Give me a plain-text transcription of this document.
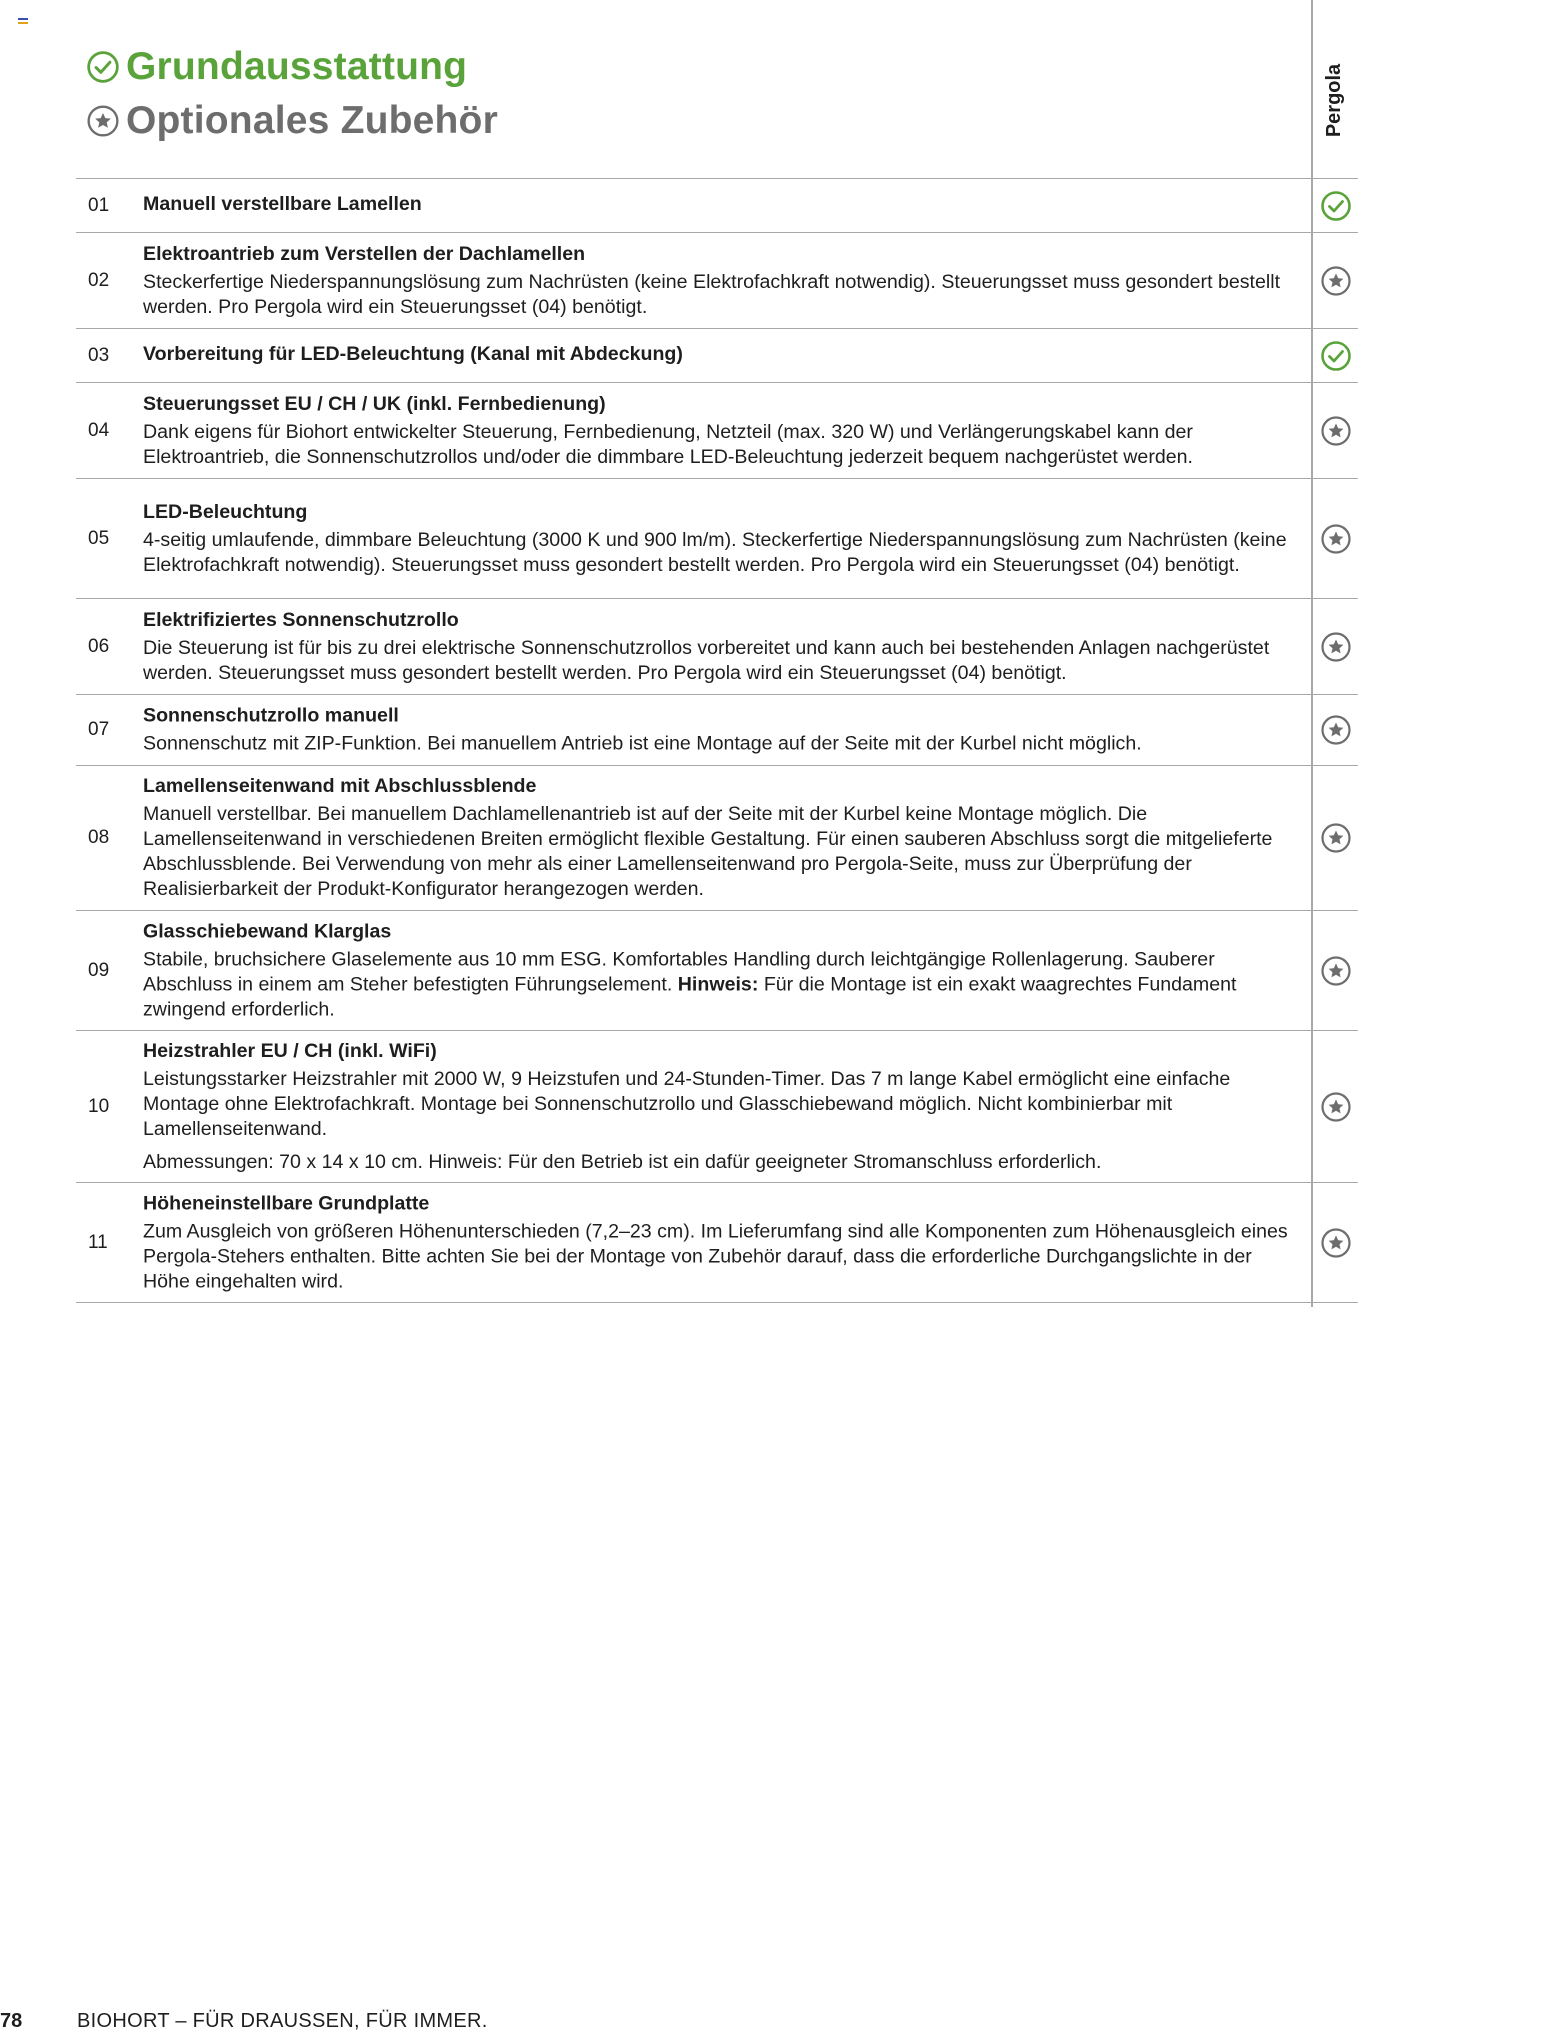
Grundausstattung
Optionales Zubehör	Pergola
01 Manuell verstellbare Lamellen
02
Elektroantrieb zum Verstellen der Dachlamellen
Steckerfertige Niederspannungslösung zum Nachrüsten (keine Elektrofachkraft notwendig). Steuerungsset muss gesondert bestellt werden. Pro Pergola wird ein Steuerungsset (04) benötigt.
03 Vorbereitung für LED-Beleuchtung (Kanal mit Abdeckung)
04
Steuerungsset EU / CH / UK (inkl. Fernbedienung)
Dank eigens für Biohort entwickelter Steuerung, Fernbedienung, Netzteil (max. 320 W) und Verlängerungskabel kann der Elektroantrieb, die Sonnenschutzrollos und/oder die dimmbare LED-Beleuchtung jederzeit bequem nachgerüstet werden.
05
LED-Beleuchtung
4-seitig umlaufende, dimmbare Beleuchtung (3000 K und 900 lm/m). Steckerfertige Niederspannungslösung zum Nachrüsten (keine Elektrofachkraft notwendig). Steuerungsset muss gesondert bestellt werden. Pro Pergola wird ein Steuerungsset (04) benötigt.
06
Elektrifiziertes Sonnenschutzrollo
Die Steuerung ist für bis zu drei elektrische Sonnenschutzrollos vorbereitet und kann auch bei bestehenden Anlagen nachgerüstet werden. Steuerungsset muss gesondert bestellt werden. Pro Pergola wird ein Steuerungsset (04) benötigt.
07
Sonnenschutzrollo manuell
Sonnenschutz mit ZIP-Funktion. Bei manuellem Antrieb ist eine Montage auf der Seite mit der Kurbel nicht möglich.
08
Lamellenseitenwand mit Abschlussblende
Manuell verstellbar. Bei manuellem Dachlamellenantrieb ist auf der Seite mit der Kurbel keine Montage möglich. Die Lamellenseitenwand in verschiedenen Breiten ermöglicht flexible Gestaltung. Für einen sauberen Abschluss sorgt die mitgelieferte Abschlussblende. Bei Verwendung von mehr als einer Lamellenseitenwand pro Pergola-Seite, muss zur Überprüfung der Realisierbarkeit der Produkt-Konfigurator herangezogen werden.
09
Glasschiebewand Klarglas
Stabile, bruchsichere Glaselemente aus 10 mm ESG. Komfortables Handling durch leichtgängige Rollenlagerung. Sauberer Abschluss in einem am Steher befestigten Führungselement. Hinweis: Für die Montage ist ein exakt waagrechtes Fundament zwingend erforderlich.
10
Heizstrahler EU / CH (inkl. WiFi)
Leistungsstarker Heizstrahler mit 2000 W, 9 Heizstufen und 24-Stunden-Timer. Das 7 m lange Kabel ermöglicht eine einfache Montage ohne Elektrofachkraft. Montage bei Sonnenschutzrollo und Glasschiebewand möglich. Nicht kombinierbar mit Lamellenseitenwand.
Abmessungen: 70 x 14 x 10 cm. Hinweis: Für den Betrieb ist ein dafür geeigneter Stromanschluss erforderlich.
11
Höheneinstellbare Grundplatte
Zum Ausgleich von größeren Höhenunterschieden (7,2–23 cm). Im Lieferumfang sind alle Komponenten zum Höhenausgleich eines Pergola-Stehers enthalten. Bitte achten Sie bei der Montage von Zubehör darauf, dass die erforderliche Durchgangslichte in der Höhe eingehalten wird.
78	BIOHORT – FÜR DRAUSSEN, FÜR IMMER.
